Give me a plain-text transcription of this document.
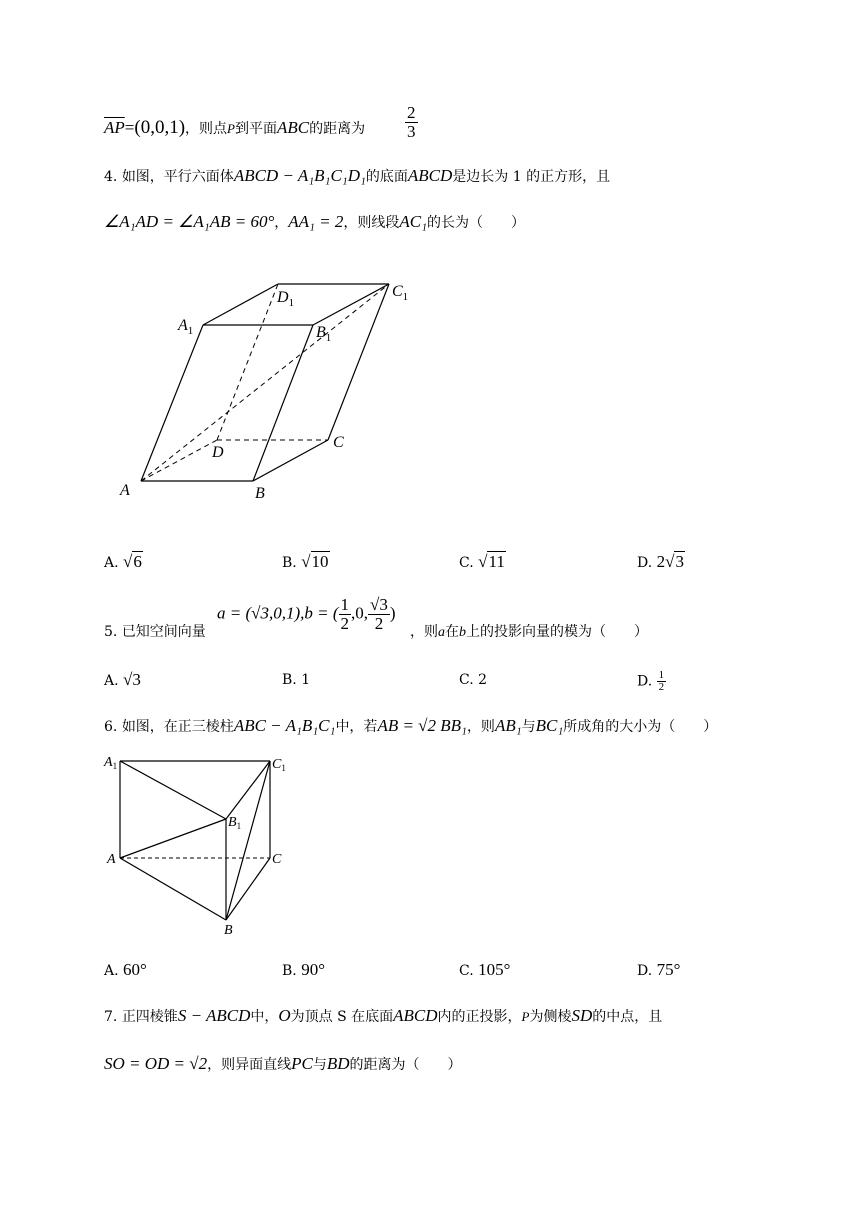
$\overline{AP}=(0,0,1)$，则点P到平面ABC的距离为 $\frac{2}{3}$
4. 如图，平行六面体ABCD − A₁B₁C₁D₁的底面ABCD是边长为 1 的正方形，且
∠A₁AD = ∠A₁AB = 60°，AA₁ = 2，则线段AC₁的长为（　　）
A	B
C
D
$A_1$	$B_1$
$C_1$
$D_1$
A. √6	B. √10	C. √11	D. 2√3
5. 已知空间向量
a = (√3,0,1),b = ( $\frac{1}{2} ,0$, $\frac{√3}{2}$ )
，则a在b上的投影向量的模为（　　）
A. √3	B. 1	C. 2	D. $\frac{1}{2}$
6. 如图，在正三棱柱ABC − A₁B₁C₁中，若AB = √2 BB₁，则AB₁与BC₁所成角的大小为（　　）
$A_1$	$C_1$
$B_1$
A	C
B
A. 60°	B. 90°	C. 105°	D. 75°
7. 正四棱锥S − ABCD中，O为顶点 S 在底面ABCD内的正投影，P为侧棱SD的中点，且
SO = OD = √2，则异面直线PC与BD的距离为（　　）
